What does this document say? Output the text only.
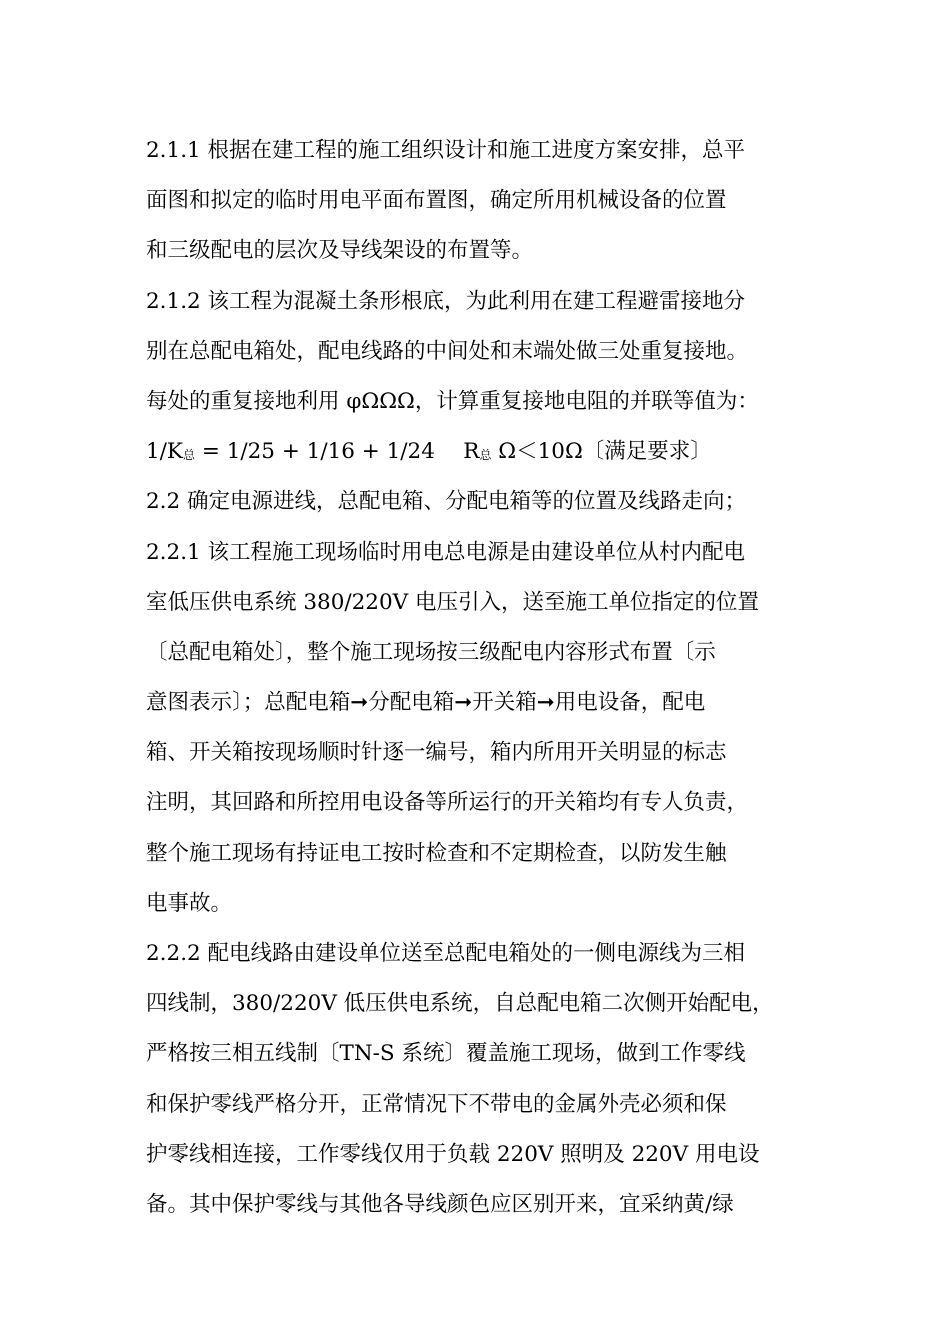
2.1.1 根据在建工程的施工组织设计和施工进度方案安排，总平
面图和拟定的临时用电平面布置图，确定所用机械设备的位置
和三级配电的层次及导线架设的布置等。
2.1.2 该工程为混凝土条形根底，为此利用在建工程避雷接地分
别在总配电箱处，配电线路的中间处和末端处做三处重复接地。
每处的重复接地利用 φΩΩΩ，计算重复接地电阻的并联等值为：
1/K总 = 1/25 + 1/16 + 1/24　 R总 Ω＜10Ω〔满足要求〕
2.2 确定电源进线，总配电箱、分配电箱等的位置及线路走向；
2.2.1 该工程施工现场临时用电总电源是由建设单位从村内配电
室低压供电系统 380/220V 电压引入，送至施工单位指定的位置
〔总配电箱处〕，整个施工现场按三级配电内容形式布置〔示
意图表示〕；总配电箱➞分配电箱➞开关箱➞用电设备，配电
箱、开关箱按现场顺时针逐一编号，箱内所用开关明显的标志
注明，其回路和所控用电设备等所运行的开关箱均有专人负责，
整个施工现场有持证电工按时检查和不定期检查，以防发生触
电事故。
2.2.2 配电线路由建设单位送至总配电箱处的一侧电源线为三相
四线制，380/220V 低压供电系统，自总配电箱二次侧开始配电，
严格按三相五线制〔TN-S 系统〕覆盖施工现场，做到工作零线
和保护零线严格分开，正常情况下不带电的金属外壳必须和保
护零线相连接，工作零线仅用于负载 220V 照明及 220V 用电设
备。其中保护零线与其他各导线颜色应区别开来，宜采纳黄/绿
